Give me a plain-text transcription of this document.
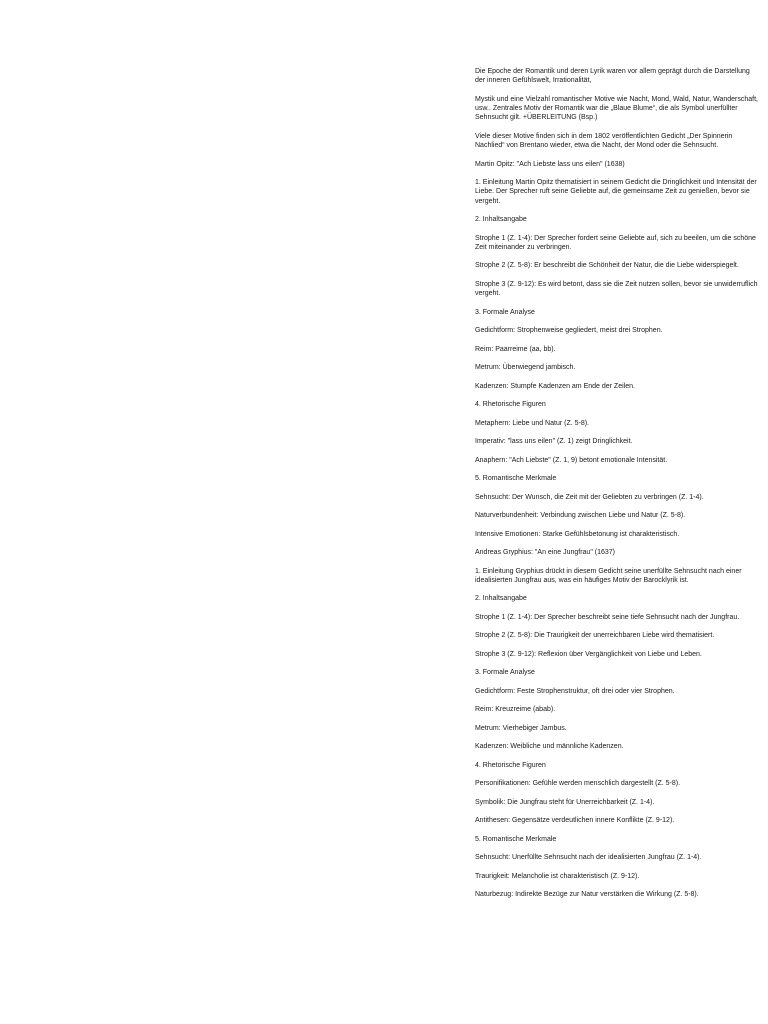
Die Epoche der Romantik und deren Lyrik waren vor allem geprägt durch die Darstellung der inneren Gefühlswelt, Irrationalität,

Mystik und eine Vielzahl romantischer Motive wie Nacht, Mond, Wald, Natur, Wanderschaft, usw.. Zentrales Motiv der Romantik war die „Blaue Blume“, die als Symbol unerfüllter Sehnsucht gilt. +ÜBERLEITUNG (Bsp.)

Viele dieser Motive finden sich in dem 1802 veröffentlichten Gedicht „Der Spinnerin Nachlied“ von Brentano wieder, etwa die Nacht, der Mond oder die Sehnsucht.

Martin Opitz: "Ach Liebste lass uns eilen" (1638)

1. Einleitung Martin Opitz thematisiert in seinem Gedicht die Dringlichkeit und Intensität der Liebe. Der Sprecher ruft seine Geliebte auf, die gemeinsame Zeit zu genießen, bevor sie vergeht.

2. Inhaltsangabe

Strophe 1 (Z. 1-4): Der Sprecher fordert seine Geliebte auf, sich zu beeilen, um die schöne Zeit miteinander zu verbringen.

Strophe 2 (Z. 5-8): Er beschreibt die Schönheit der Natur, die die Liebe widerspiegelt.

Strophe 3 (Z. 9-12): Es wird betont, dass sie die Zeit nutzen sollen, bevor sie unwiderruflich vergeht.

3. Formale Analyse

Gedichtform: Strophenweise gegliedert, meist drei Strophen.

Reim: Paarreime (aa, bb).

Metrum: Überwiegend jambisch.

Kadenzen: Stumpfe Kadenzen am Ende der Zeilen.

4. Rhetorische Figuren

Metaphern: Liebe und Natur (Z. 5-8).

Imperativ: "lass uns eilen" (Z. 1) zeigt Dringlichkeit.

Anaphern: "Ach Liebste" (Z. 1, 9) betont emotionale Intensität.

5. Romantische Merkmale

Sehnsucht: Der Wunsch, die Zeit mit der Geliebten zu verbringen (Z. 1-4).

Naturverbundenheit: Verbindung zwischen Liebe und Natur (Z. 5-8).

Intensive Emotionen: Starke Gefühlsbetonung ist charakteristisch.

Andreas Gryphius: "An eine Jungfrau" (1637)

1. Einleitung Gryphius drückt in diesem Gedicht seine unerfüllte Sehnsucht nach einer idealisierten Jungfrau aus, was ein häufiges Motiv der Barocklyrik ist.

2. Inhaltsangabe

Strophe 1 (Z. 1-4): Der Sprecher beschreibt seine tiefe Sehnsucht nach der Jungfrau.

Strophe 2 (Z. 5-8): Die Traurigkeit der unerreichbaren Liebe wird thematisiert.

Strophe 3 (Z. 9-12): Reflexion über Vergänglichkeit von Liebe und Leben.

3. Formale Analyse

Gedichtform: Feste Strophenstruktur, oft drei oder vier Strophen.

Reim: Kreuzreime (abab).

Metrum: Vierhebiger Jambus.

Kadenzen: Weibliche und männliche Kadenzen.

4. Rhetorische Figuren

Personifikationen: Gefühle werden menschlich dargestellt (Z. 5-8).

Symbolik: Die Jungfrau steht für Unerreichbarkeit (Z. 1-4).

Antithesen: Gegensätze verdeutlichen innere Konflikte (Z. 9-12).

5. Romantische Merkmale

Sehnsucht: Unerfüllte Sehnsucht nach der idealisierten Jungfrau (Z. 1-4).

Traurigkeit: Melancholie ist charakteristisch (Z. 9-12).

Naturbezug: Indirekte Bezüge zur Natur verstärken die Wirkung (Z. 5-8).
